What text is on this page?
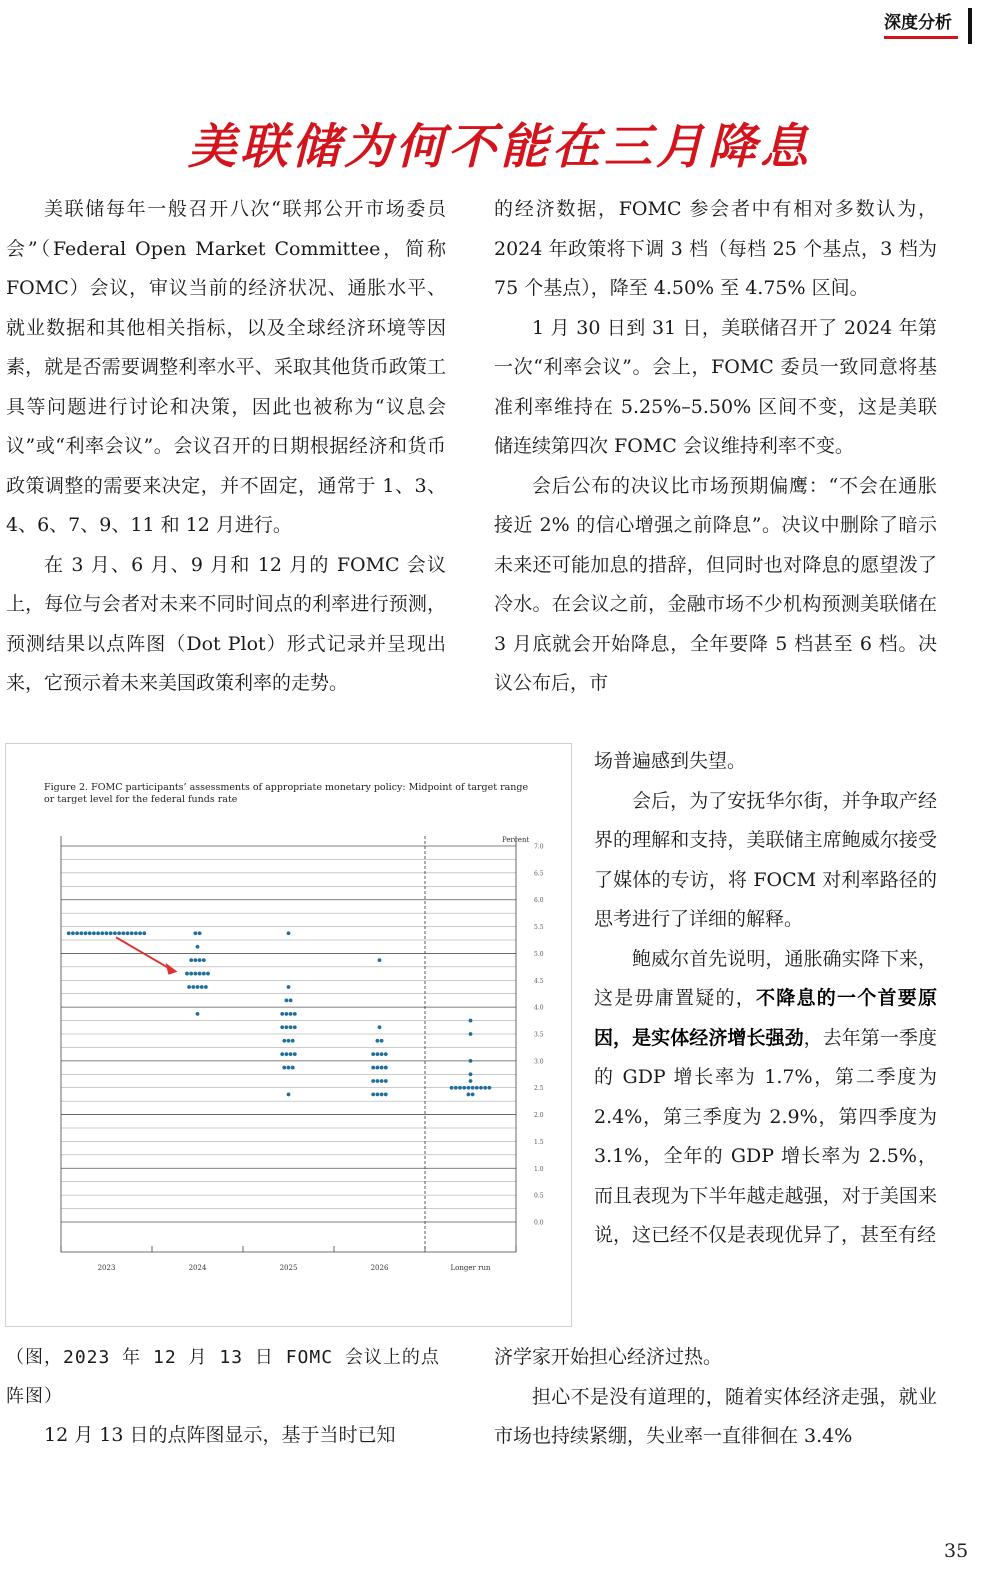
深度分析
美联储为何不能在三月降息

美联储每年一般召开八次“联邦公开市场委员会”（Federal Open Market Committee，简称 FOMC）会议，审议当前的经济状况、通胀水平、就业数据和其他相关指标，以及全球经济环境等因素，就是否需要调整利率水平、采取其他货币政策工具等问题进行讨论和决策，因此也被称为“议息会议”或“利率会议”。会议召开的日期根据经济和货币政策调整的需要来决定，并不固定，通常于 1、3、4、6、7、9、11 和 12 月进行。

在 3 月、6 月、9 月和 12 月的 FOMC 会议上，每位与会者对未来不同时间点的利率进行预测，预测结果以点阵图（Dot Plot）形式记录并呈现出来，它预示着未来美国政策利率的走势。

的经济数据，FOMC 参会者中有相对多数认为，2024 年政策将下调 3 档（每档 25 个基点，3 档为 75 个基点），降至 4.50% 至 4.75% 区间。

1 月 30 日到 31 日，美联储召开了 2024 年第一次“利率会议”。会上，FOMC 委员一致同意将基准利率维持在 5.25%–5.50% 区间不变，这是美联储连续第四次 FOMC 会议维持利率不变。

会后公布的决议比市场预期偏鹰：“不会在通胀接近 2% 的信心增强之前降息”。决议中删除了暗示未来还可能加息的措辞，但同时也对降息的愿望泼了冷水。在会议之前，金融市场不少机构预测美联储在 3 月底就会开始降息，全年要降 5 档甚至 6 档。决议公布后，市

Figure 2. FOMC participants’ assessments of appropriate monetary policy: Midpoint of target range
or target level for the federal funds rate
Percent
0.0
0.5
1.0
1.5
2.0
2.5
3.0
3.5
4.0
4.5
5.0
5.5
6.0
6.5
7.0
2023	2024	2025	2026	Longer run

场普遍感到失望。

会后，为了安抚华尔街，并争取产经界的理解和支持，美联储主席鲍威尔接受了媒体的专访，将 FOCM 对利率路径的思考进行了详细的解释。

鲍威尔首先说明，通胀确实降下来，这是毋庸置疑的，不降息的一个首要原因，是实体经济增长强劲，去年第一季度的 GDP 增长率为 1.7%，第二季度为 2.4%，第三季度为 2.9%，第四季度为 3.1%，全年的 GDP 增长率为 2.5%，而且表现为下半年越走越强，对于美国来说，这已经不仅是表现优异了，甚至有经

济学家开始担心经济过热。

担心不是没有道理的，随着实体经济走强，就业市场也持续紧绷，失业率一直徘徊在 3.4%

（图，2023 年 12 月 13 日 FOMC 会议上的点阵图）
12 月 13 日的点阵图显示，基于当时已知
35
